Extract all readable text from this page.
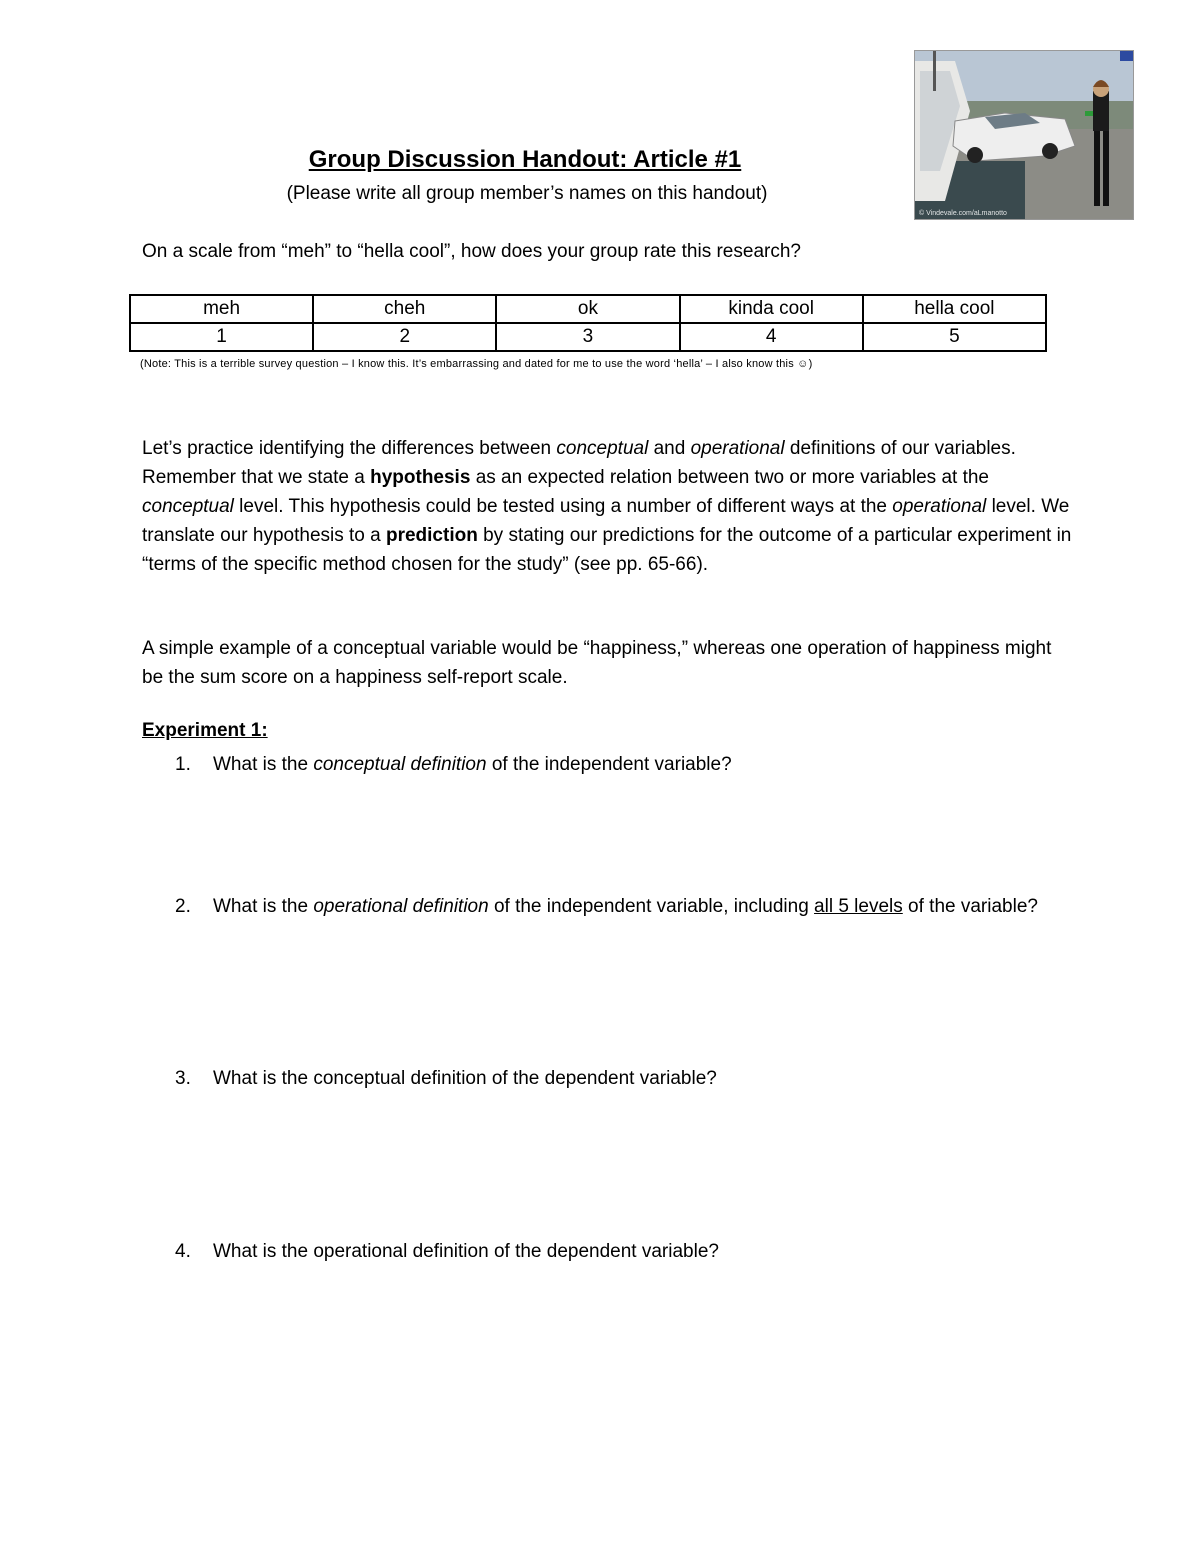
© Vindevale.com/aLmanotto
Group Discussion Handout: Article #1
(Please write all group member’s names on this handout)
On a scale from “meh” to “hella cool”, how does your group rate this research?
meh	cheh	ok	kinda cool	hella cool
1	2	3	4	5
(Note: This is a terrible survey question – I know this. It’s embarrassing and dated for me to use the word ‘hella’ – I also know this ☺)
Let’s practice identifying the differences between conceptual and operational definitions of our variables. Remember that we state a hypothesis as an expected relation between two or more variables at the conceptual level. This hypothesis could be tested using a number of different ways at the operational level. We translate our hypothesis to a prediction by stating our predictions for the outcome of a particular experiment in “terms of the specific method chosen for the study” (see pp. 65-66).
A simple example of a conceptual variable would be “happiness,” whereas one operation of happiness might be the sum score on a happiness self-report scale.
Experiment 1:
1. What is the conceptual definition of the independent variable?
2. What is the operational definition of the independent variable, including all 5 levels of the variable?
3. What is the conceptual definition of the dependent variable?
4. What is the operational definition of the dependent variable?
